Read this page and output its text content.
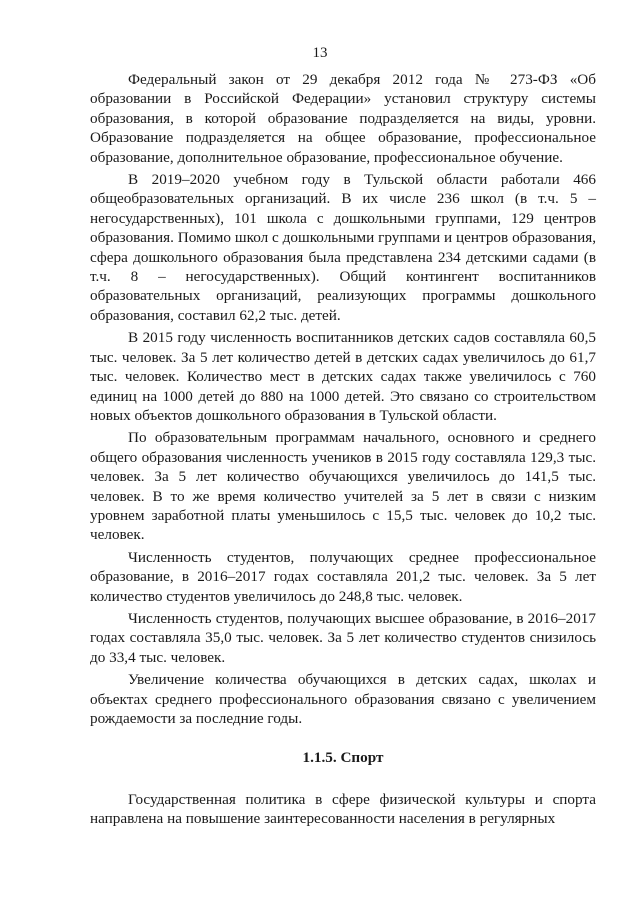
13

Федеральный закон от 29 декабря 2012 года № 273-ФЗ «Об образовании в Российской Федерации» установил структуру системы образования, в которой образование подразделяется на виды, уровни. Образование подразделяется на общее образование, профессиональное образование, дополнительное образование, профессиональное обучение.

В 2019–2020 учебном году в Тульской области работали 466 общеобразовательных организаций. В их числе 236 школ (в т.ч. 5 – негосударственных), 101 школа с дошкольными группами, 129 центров образования. Помимо школ с дошкольными группами и центров образования, сфера дошкольного образования была представлена 234 детскими садами (в т.ч. 8 – негосударственных). Общий контингент воспитанников образовательных организаций, реализующих программы дошкольного образования, составил 62,2 тыс. детей.

В 2015 году численность воспитанников детских садов составляла 60,5 тыс. человек. За 5 лет количество детей в детских садах увеличилось до 61,7 тыс. человек. Количество мест в детских садах также увеличилось с 760 единиц на 1000 детей до 880 на 1000 детей. Это связано со строительством новых объектов дошкольного образования в Тульской области.

По образовательным программам начального, основного и среднего общего образования численность учеников в 2015 году составляла 129,3 тыс. человек. За 5 лет количество обучающихся увеличилось до 141,5 тыс. человек. В то же время количество учителей за 5 лет в связи с низким уровнем заработной платы уменьшилось с 15,5 тыс. человек до 10,2 тыс. человек.

Численность студентов, получающих среднее профессиональное образование, в 2016–2017 годах составляла 201,2 тыс. человек. За 5 лет количество студентов увеличилось до 248,8 тыс. человек.

Численность студентов, получающих высшее образование, в 2016–2017 годах составляла 35,0 тыс. человек. За 5 лет количество студентов снизилось до 33,4 тыс. человек.

Увеличение количества обучающихся в детских садах, школах и объектах среднего профессионального образования связано с увеличением рождаемости за последние годы.

1.1.5. Спорт

Государственная политика в сфере физической культуры и спорта направлена на повышение заинтересованности населения в регулярных
